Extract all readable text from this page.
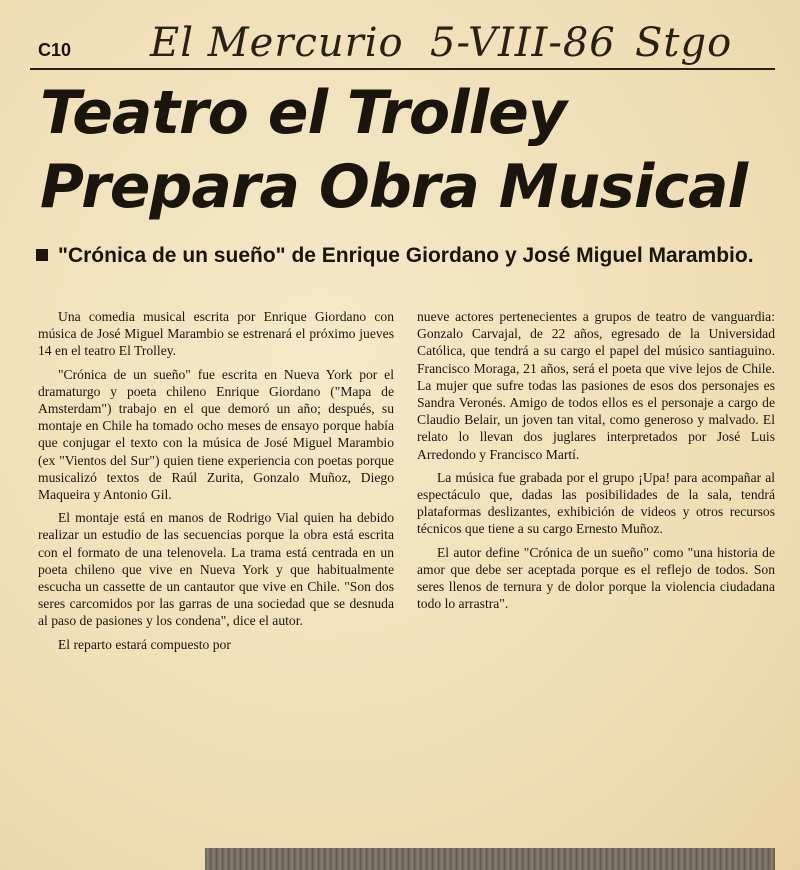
C10 El Mercurio 5-VIII-86 Stgo
Teatro el Trolley
Prepara Obra Musical
"Crónica de un sueño" de Enrique Giordano y José Miguel Marambio.

Una comedia musical escrita por Enrique Giordano con música de José Miguel Marambio se estrenará el próximo jueves 14 en el teatro El Trolley.

"Crónica de un sueño" fue escrita en Nueva York por el dramaturgo y poeta chileno Enrique Giordano ("Mapa de Amsterdam") trabajo en el que demoró un año; después, su montaje en Chile ha tomado ocho meses de ensayo porque había que conjugar el texto con la música de José Miguel Marambio (ex "Vientos del Sur") quien tiene experiencia con poetas porque musicalizó textos de Raúl Zurita, Gonzalo Muñoz, Diego Maqueira y Antonio Gil.

El montaje está en manos de Rodrigo Vial quien ha debido realizar un estudio de las secuencias porque la obra está escrita con el formato de una telenovela. La trama está centrada en un poeta chileno que vive en Nueva York y que habitualmente escucha un cassette de un cantautor que vive en Chile. "Son dos seres carcomidos por las garras de una sociedad que se desnuda al paso de pasiones y los condena", dice el autor.

El reparto estará compuesto por

nueve actores pertenecientes a grupos de teatro de vanguardia: Gonzalo Carvajal, de 22 años, egresado de la Universidad Católica, que tendrá a su cargo el papel del músico santiaguino. Francisco Moraga, 21 años, será el poeta que vive lejos de Chile. La mujer que sufre todas las pasiones de esos dos personajes es Sandra Veronés. Amigo de todos ellos es el personaje a cargo de Claudio Belair, un joven tan vital, como generoso y malvado. El relato lo llevan dos juglares interpretados por José Luis Arredondo y Francisco Martí.

La música fue grabada por el grupo ¡Upa! para acompañar al espectáculo que, dadas las posibilidades de la sala, tendrá plataformas deslizantes, exhibición de videos y otros recursos técnicos que tiene a su cargo Ernesto Muñoz.

El autor define "Crónica de un sueño" como "una historia de amor que debe ser aceptada porque es el reflejo de todos. Son seres llenos de ternura y de dolor porque la violencia ciudadana todo lo arrastra".
